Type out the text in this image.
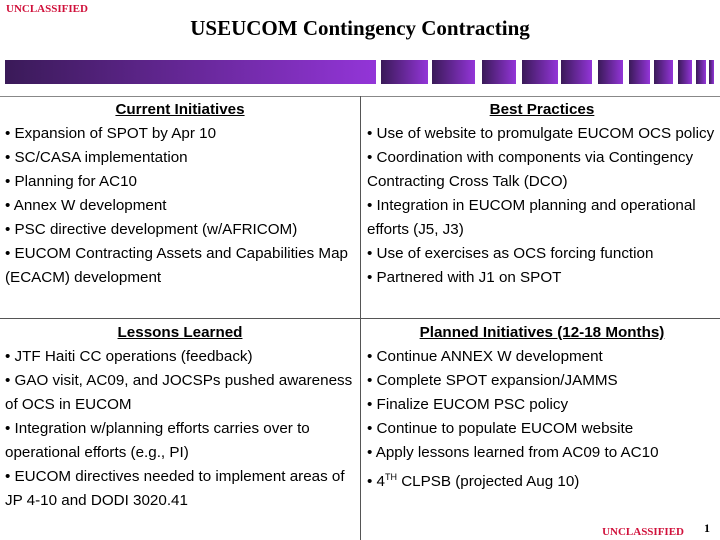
UNCLASSIFIED
USEUCOM Contingency Contracting
Current Initiatives
• Expansion of SPOT by Apr 10
• SC/CASA implementation
• Planning for AC10
• Annex W development
• PSC directive development (w/AFRICOM)
• EUCOM Contracting Assets and Capabilities Map (ECACM) development
Best Practices
• Use of website to promulgate EUCOM OCS policy
• Coordination with components via Contingency Contracting Cross Talk (DCO)
• Integration in EUCOM planning and operational efforts (J5, J3)
• Use of exercises as OCS forcing function
• Partnered with J1 on SPOT
Lessons Learned
• JTF Haiti CC operations (feedback)
• GAO visit, AC09, and JOCSPs pushed awareness of OCS in EUCOM
• Integration w/planning efforts carries over to operational efforts (e.g., PI)
• EUCOM directives needed to implement areas of JP 4-10 and DODI 3020.41
Planned Initiatives (12-18 Months)
• Continue ANNEX W development
• Complete SPOT expansion/JAMMS
• Finalize EUCOM PSC policy
• Continue to populate EUCOM website
• Apply lessons learned from AC09 to AC10
• 4TH CLPSB (projected Aug 10)
UNCLASSIFIED 1
